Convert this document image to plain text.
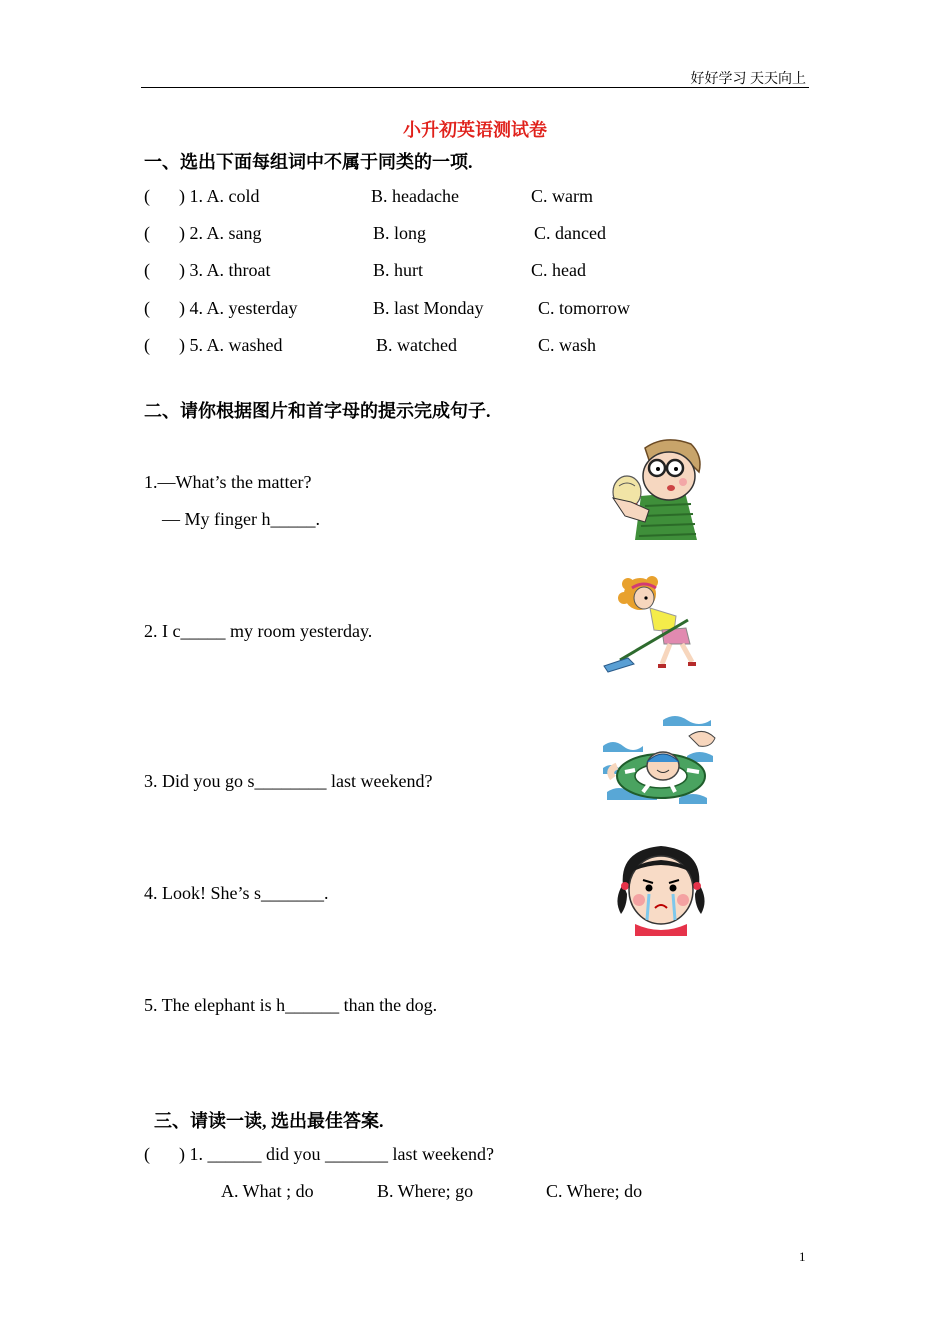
好好学习 天天向上
小升初英语测试卷
一、选出下面每组词中不属于同类的一项.
( ) 1. A. cold	B. headache	C. warm
( ) 2. A. sang	B. long	C. danced
( ) 3. A. throat	B. hurt	C. head
( ) 4. A. yesterday	B. last Monday	C. tomorrow
( ) 5. A. washed	B. watched	C. wash
二、请你根据图片和首字母的提示完成句子.
1.—What’s the matter?
— My finger h_____.
2. I c_____ my room yesterday.
3. Did you go s________ last weekend?
4. Look! She’s s_______.
5. The elephant is h______ than the dog.
三、请读一读, 选出最佳答案.
( ) 1. ______ did you _______ last weekend?
A. What ; do	B. Where; go	C. Where; do
1
